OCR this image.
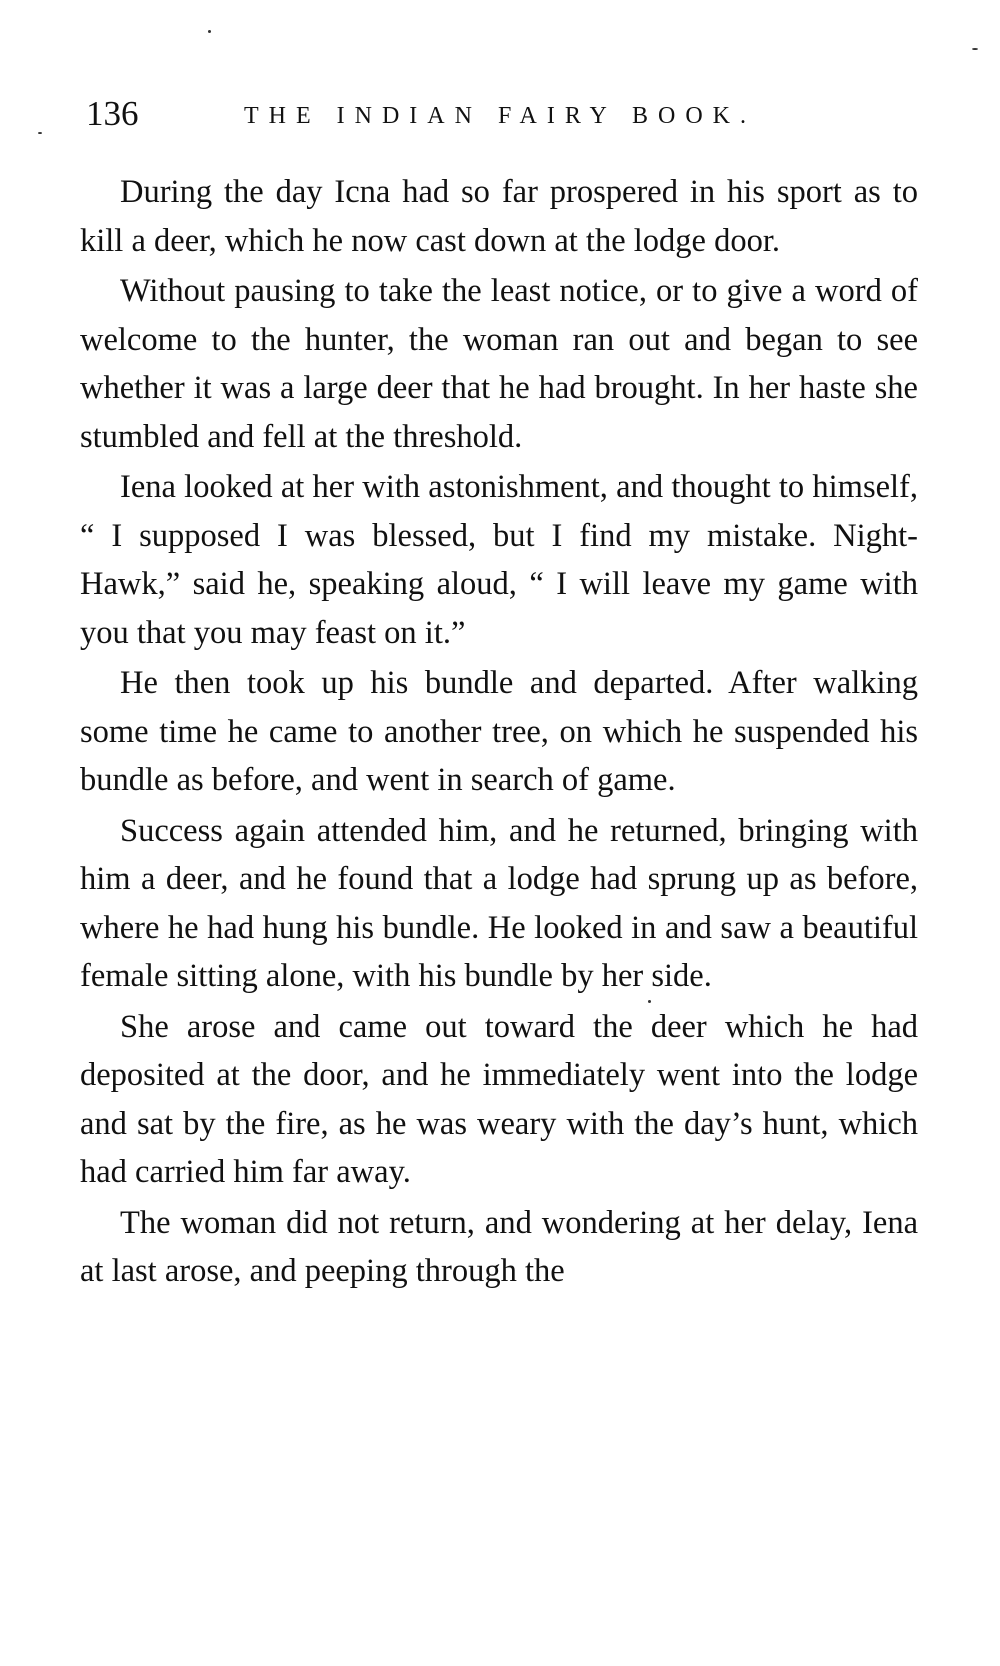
136	THE INDIAN FAIRY BOOK.

During the day Icna had so far prospered in his sport as to kill a deer, which he now cast down at the lodge door.

Without pausing to take the least notice, or to give a word of welcome to the hunter, the woman ran out and began to see whether it was a large deer that he had brought. In her haste she stumbled and fell at the threshold.

Iena looked at her with astonishment, and thought to himself, “ I supposed I was blessed, but I find my mistake. Night-Hawk,” said he, speaking aloud, “ I will leave my game with you that you may feast on it.”

He then took up his bundle and departed. After walking some time he came to another tree, on which he suspended his bundle as before, and went in search of game.

Success again attended him, and he returned, bringing with him a deer, and he found that a lodge had sprung up as before, where he had hung his bundle. He looked in and saw a beautiful female sitting alone, with his bundle by her side.

She arose and came out toward the deer which he had deposited at the door, and he immediately went into the lodge and sat by the fire, as he was weary with the day’s hunt, which had carried him far away.

The woman did not return, and wondering at her delay, Iena at last arose, and peeping through the
